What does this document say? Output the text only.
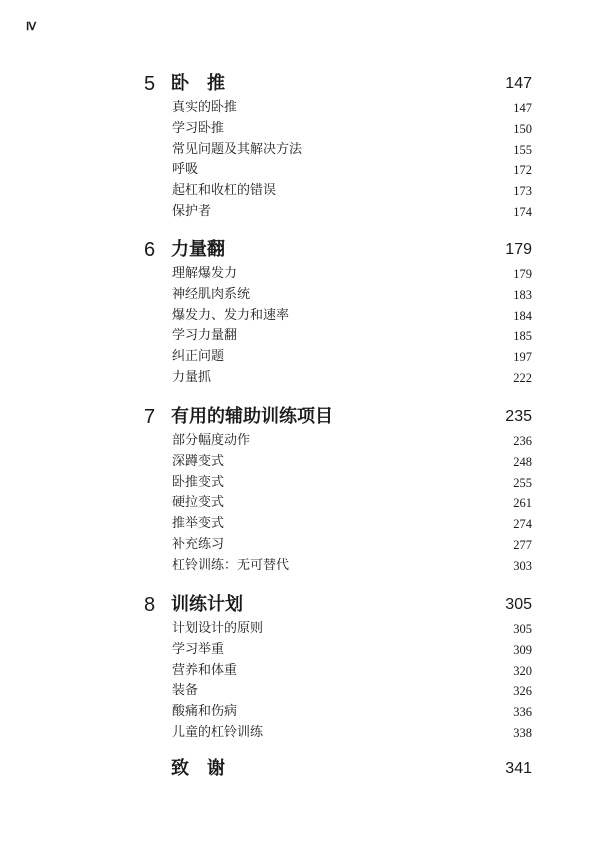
Ⅳ
5 卧　推	147
真实的卧推	147
学习卧推	150
常见问题及其解决方法	155
呼吸	172
起杠和收杠的错误	173
保护者	174
6 力量翻	179
理解爆发力	179
神经肌肉系统	183
爆发力、发力和速率	184
学习力量翻	185
纠正问题	197
力量抓	222
7 有用的辅助训练项目	235
部分幅度动作	236
深蹲变式	248
卧推变式	255
硬拉变式	261
推举变式	274
补充练习	277
杠铃训练：无可替代	303
8 训练计划	305
计划设计的原则	305
学习举重	309
营养和体重	320
装备	326
酸痛和伤病	336
儿童的杠铃训练	338
致　谢	341
